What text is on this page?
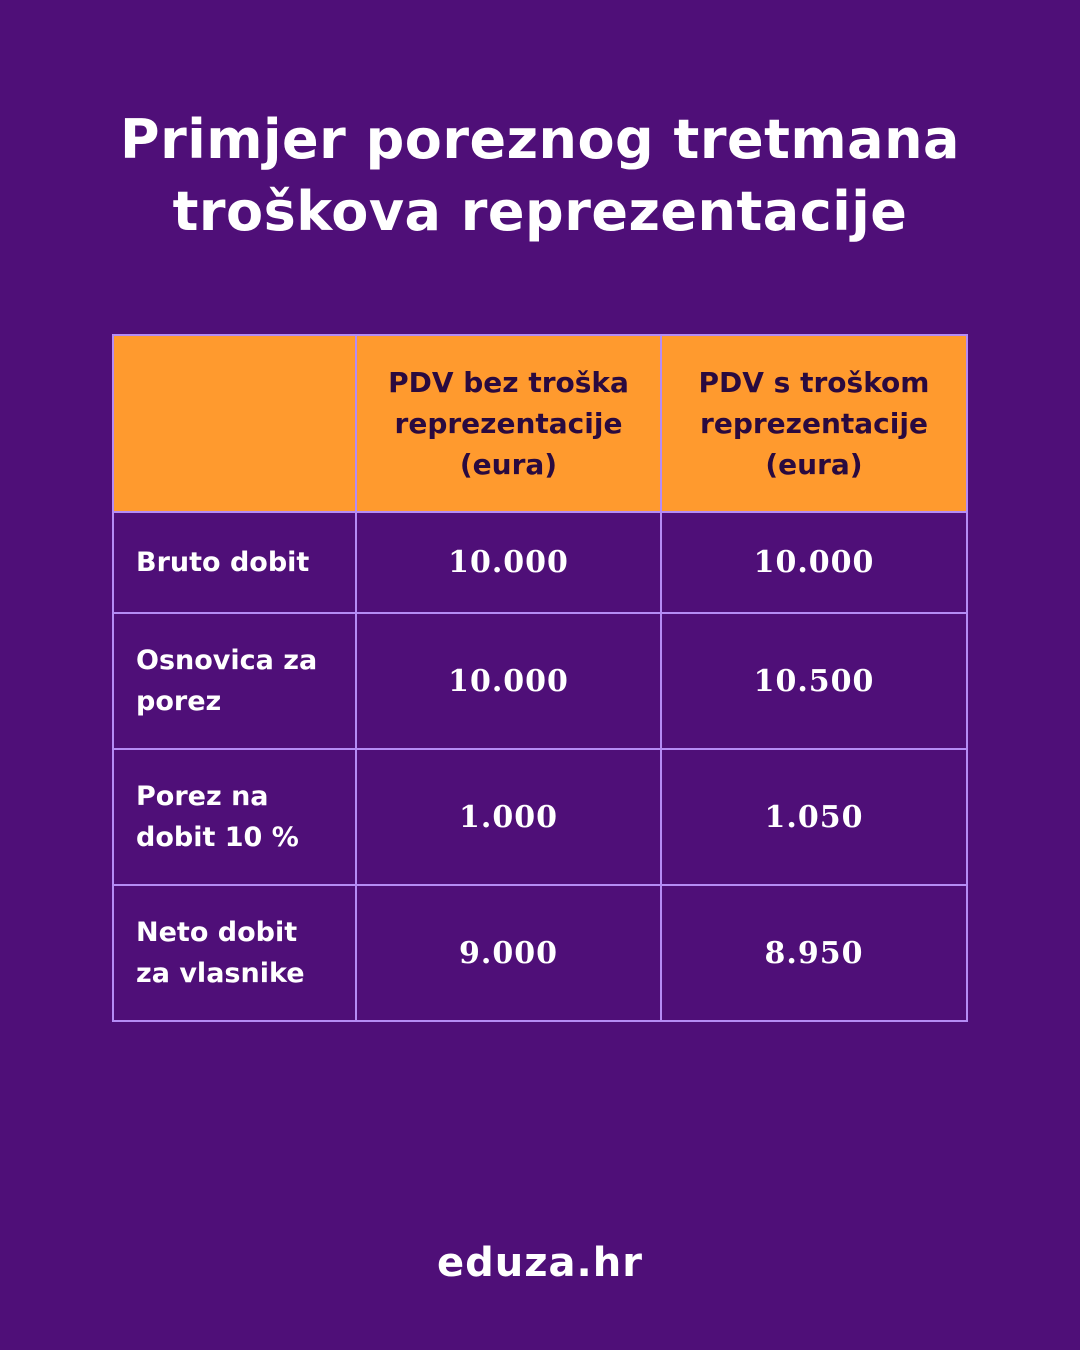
Primjer poreznog tretmana
troškova reprezentacije

	PDV bez troška
reprezentacije
(eura)	PDV s troškom
reprezentacije
(eura)

Bruto dobit	10.000	10.000

Osnovica za
porez	10.000	10.500

Porez na
dobit 10 %	1.000	1.050

Neto dobit
za vlasnike	9.000	8.950
eduza.hr
